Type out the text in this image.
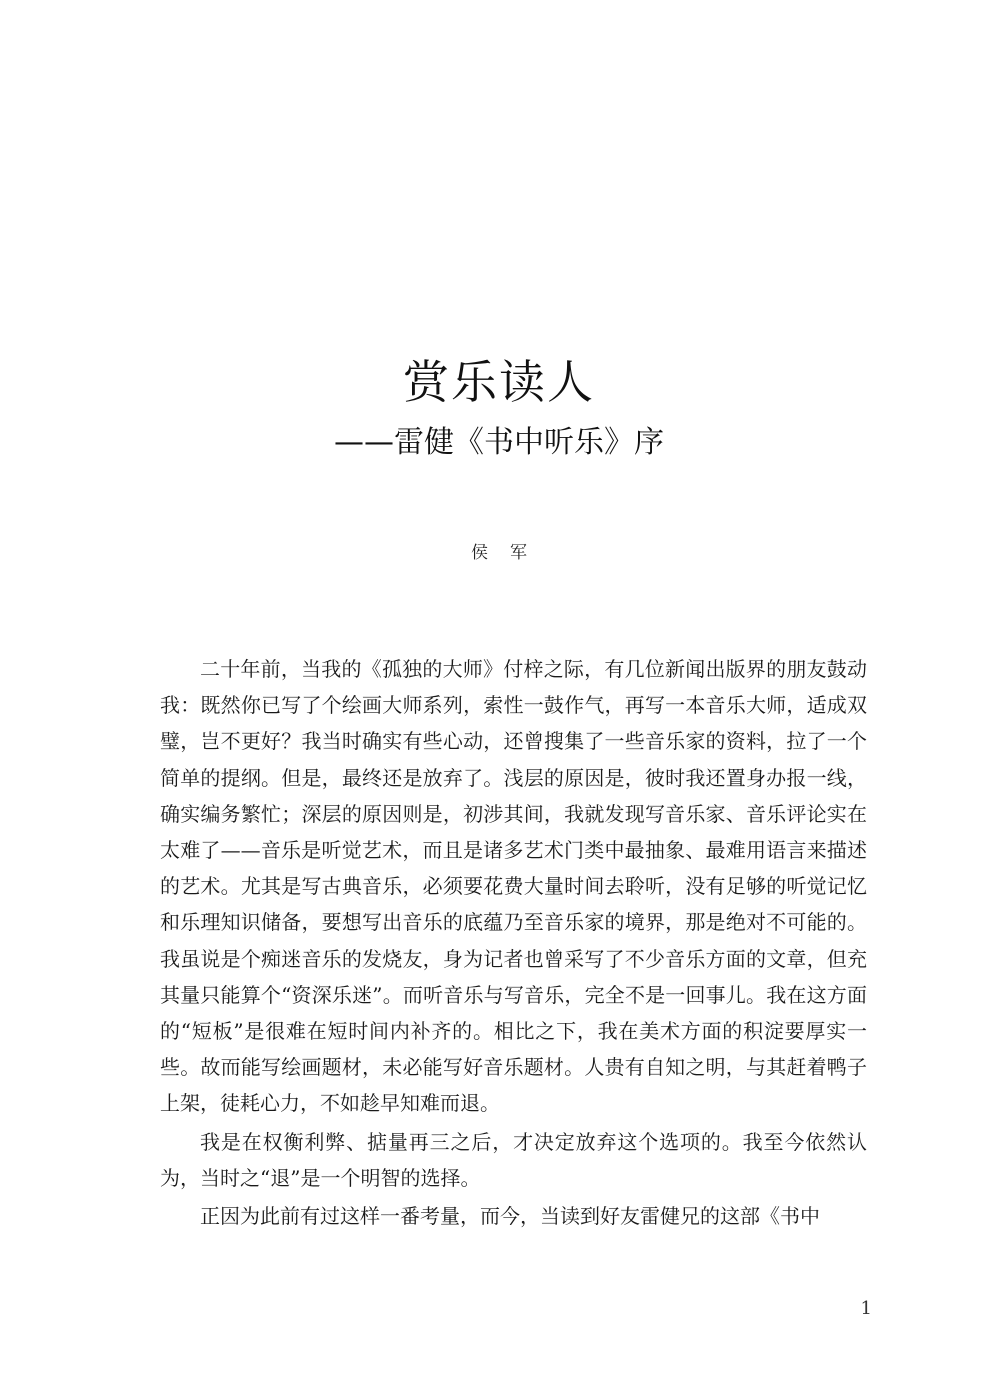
赏乐读人
——雷健《书中听乐》序
侯军

二十年前，当我的《孤独的大师》付梓之际，有几位新闻出版界的朋友鼓动我：既然你已写了个绘画大师系列，索性一鼓作气，再写一本音乐大师，适成双璧，岂不更好？我当时确实有些心动，还曾搜集了一些音乐家的资料，拉了一个简单的提纲。但是，最终还是放弃了。浅层的原因是，彼时我还置身办报一线，确实编务繁忙；深层的原因则是，初涉其间，我就发现写音乐家、音乐评论实在太难了——音乐是听觉艺术，而且是诸多艺术门类中最抽象、最难用语言来描述的艺术。尤其是写古典音乐，必须要花费大量时间去聆听，没有足够的听觉记忆和乐理知识储备，要想写出音乐的底蕴乃至音乐家的境界，那是绝对不可能的。我虽说是个痴迷音乐的发烧友，身为记者也曾采写了不少音乐方面的文章，但充其量只能算个“资深乐迷”。而听音乐与写音乐，完全不是一回事儿。我在这方面的“短板”是很难在短时间内补齐的。相比之下，我在美术方面的积淀要厚实一些。故而能写绘画题材，未必能写好音乐题材。人贵有自知之明，与其赶着鸭子上架，徒耗心力，不如趁早知难而退。

我是在权衡利弊、掂量再三之后，才决定放弃这个选项的。我至今依然认为，当时之“退”是一个明智的选择。

正因为此前有过这样一番考量，而今，当读到好友雷健兄的这部《书中

1
